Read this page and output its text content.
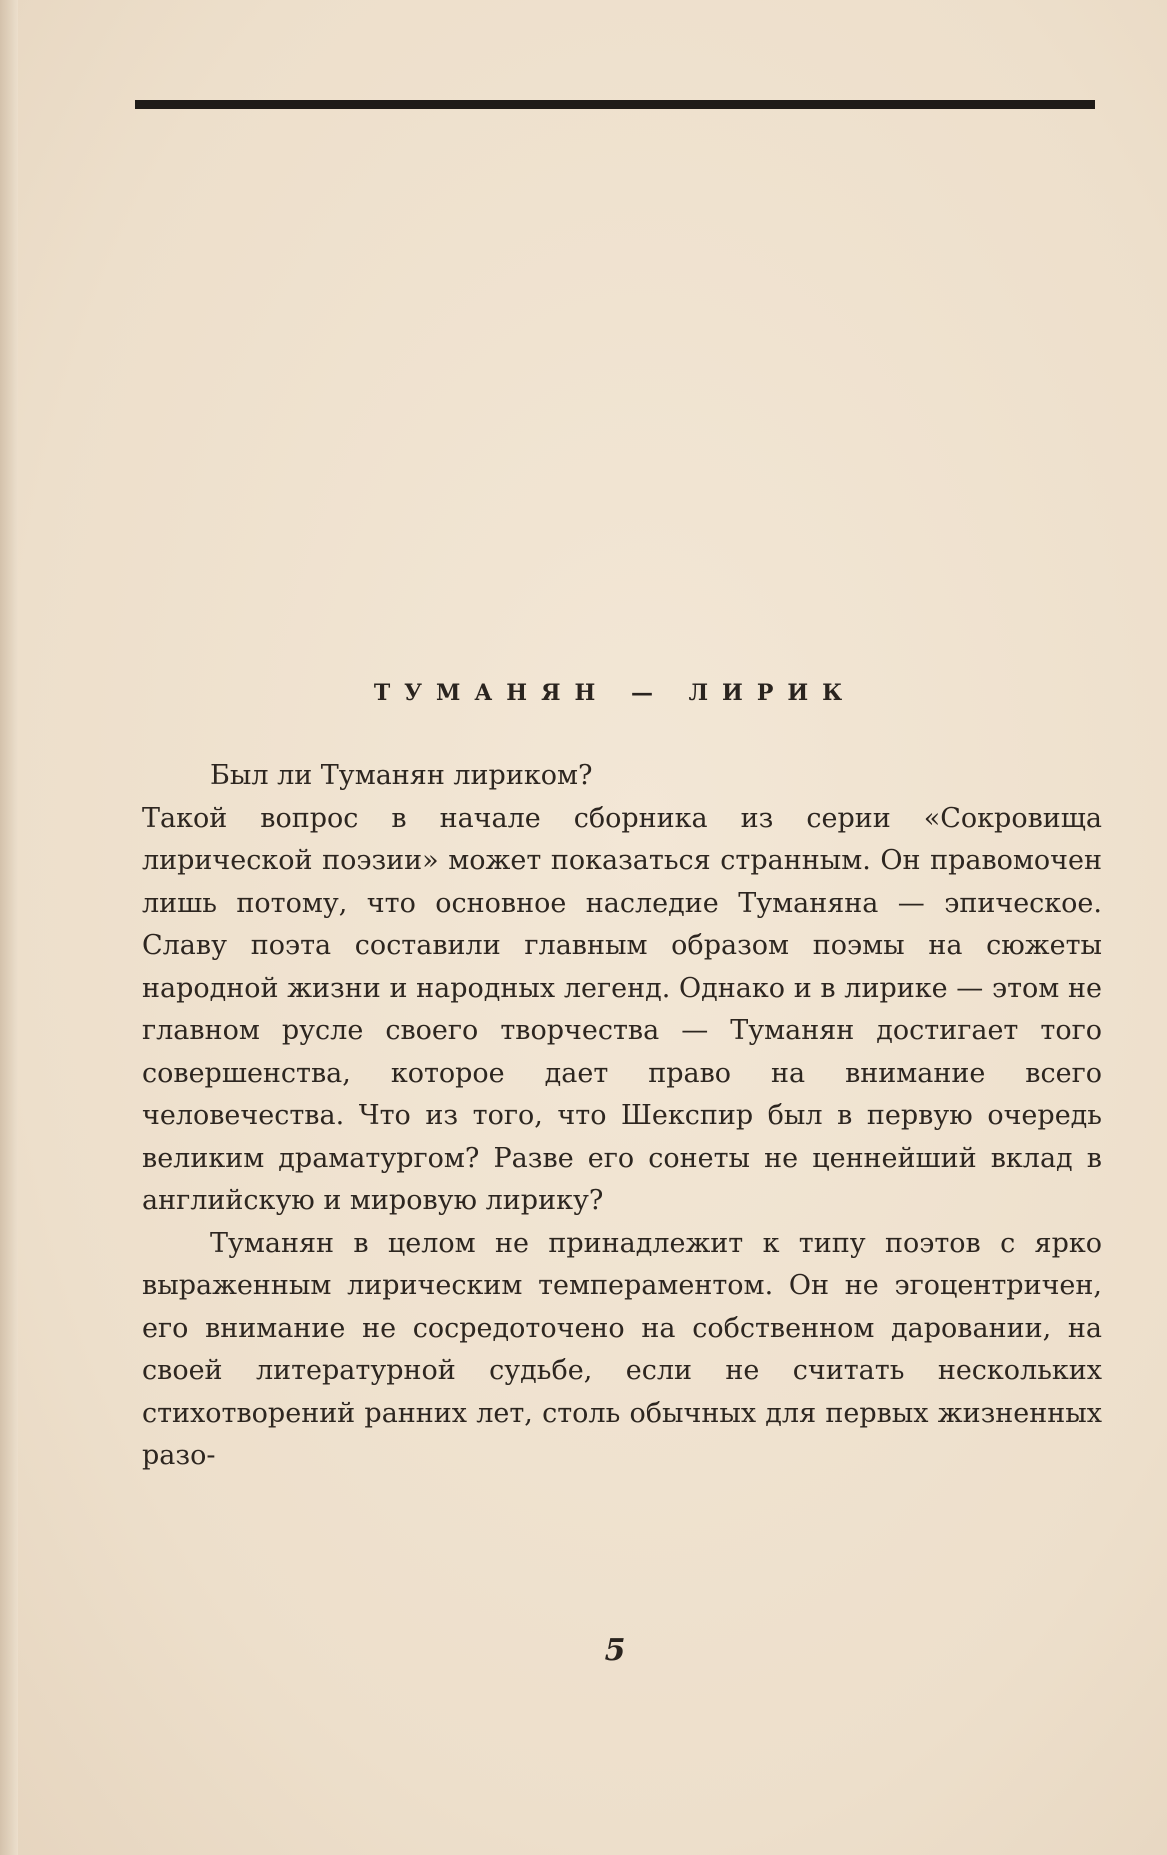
ТУМАНЯН — ЛИРИК

Был ли Туманян лириком?

Такой вопрос в начале сборника из серии «Сокровища лирической поэзии» может показаться странным. Он правомочен лишь потому, что основное наследие Туманяна — эпическое. Славу поэта составили главным образом поэмы на сюжеты народной жизни и народных легенд. Однако и в лирике — этом не главном русле своего творчества — Туманян достигает того совершенства, которое дает право на внимание всего человечества. Что из того, что Шекспир был в первую очередь великим драматургом? Разве его сонеты не ценнейший вклад в английскую и мировую лирику?

Туманян в целом не принадлежит к типу поэтов с ярко выраженным лирическим темпераментом. Он не эгоцентричен, его внимание не сосредоточено на собственном даровании, на своей литературной судьбе, если не считать нескольких стихотворений ранних лет, столь обычных для первых жизненных разо-

5
